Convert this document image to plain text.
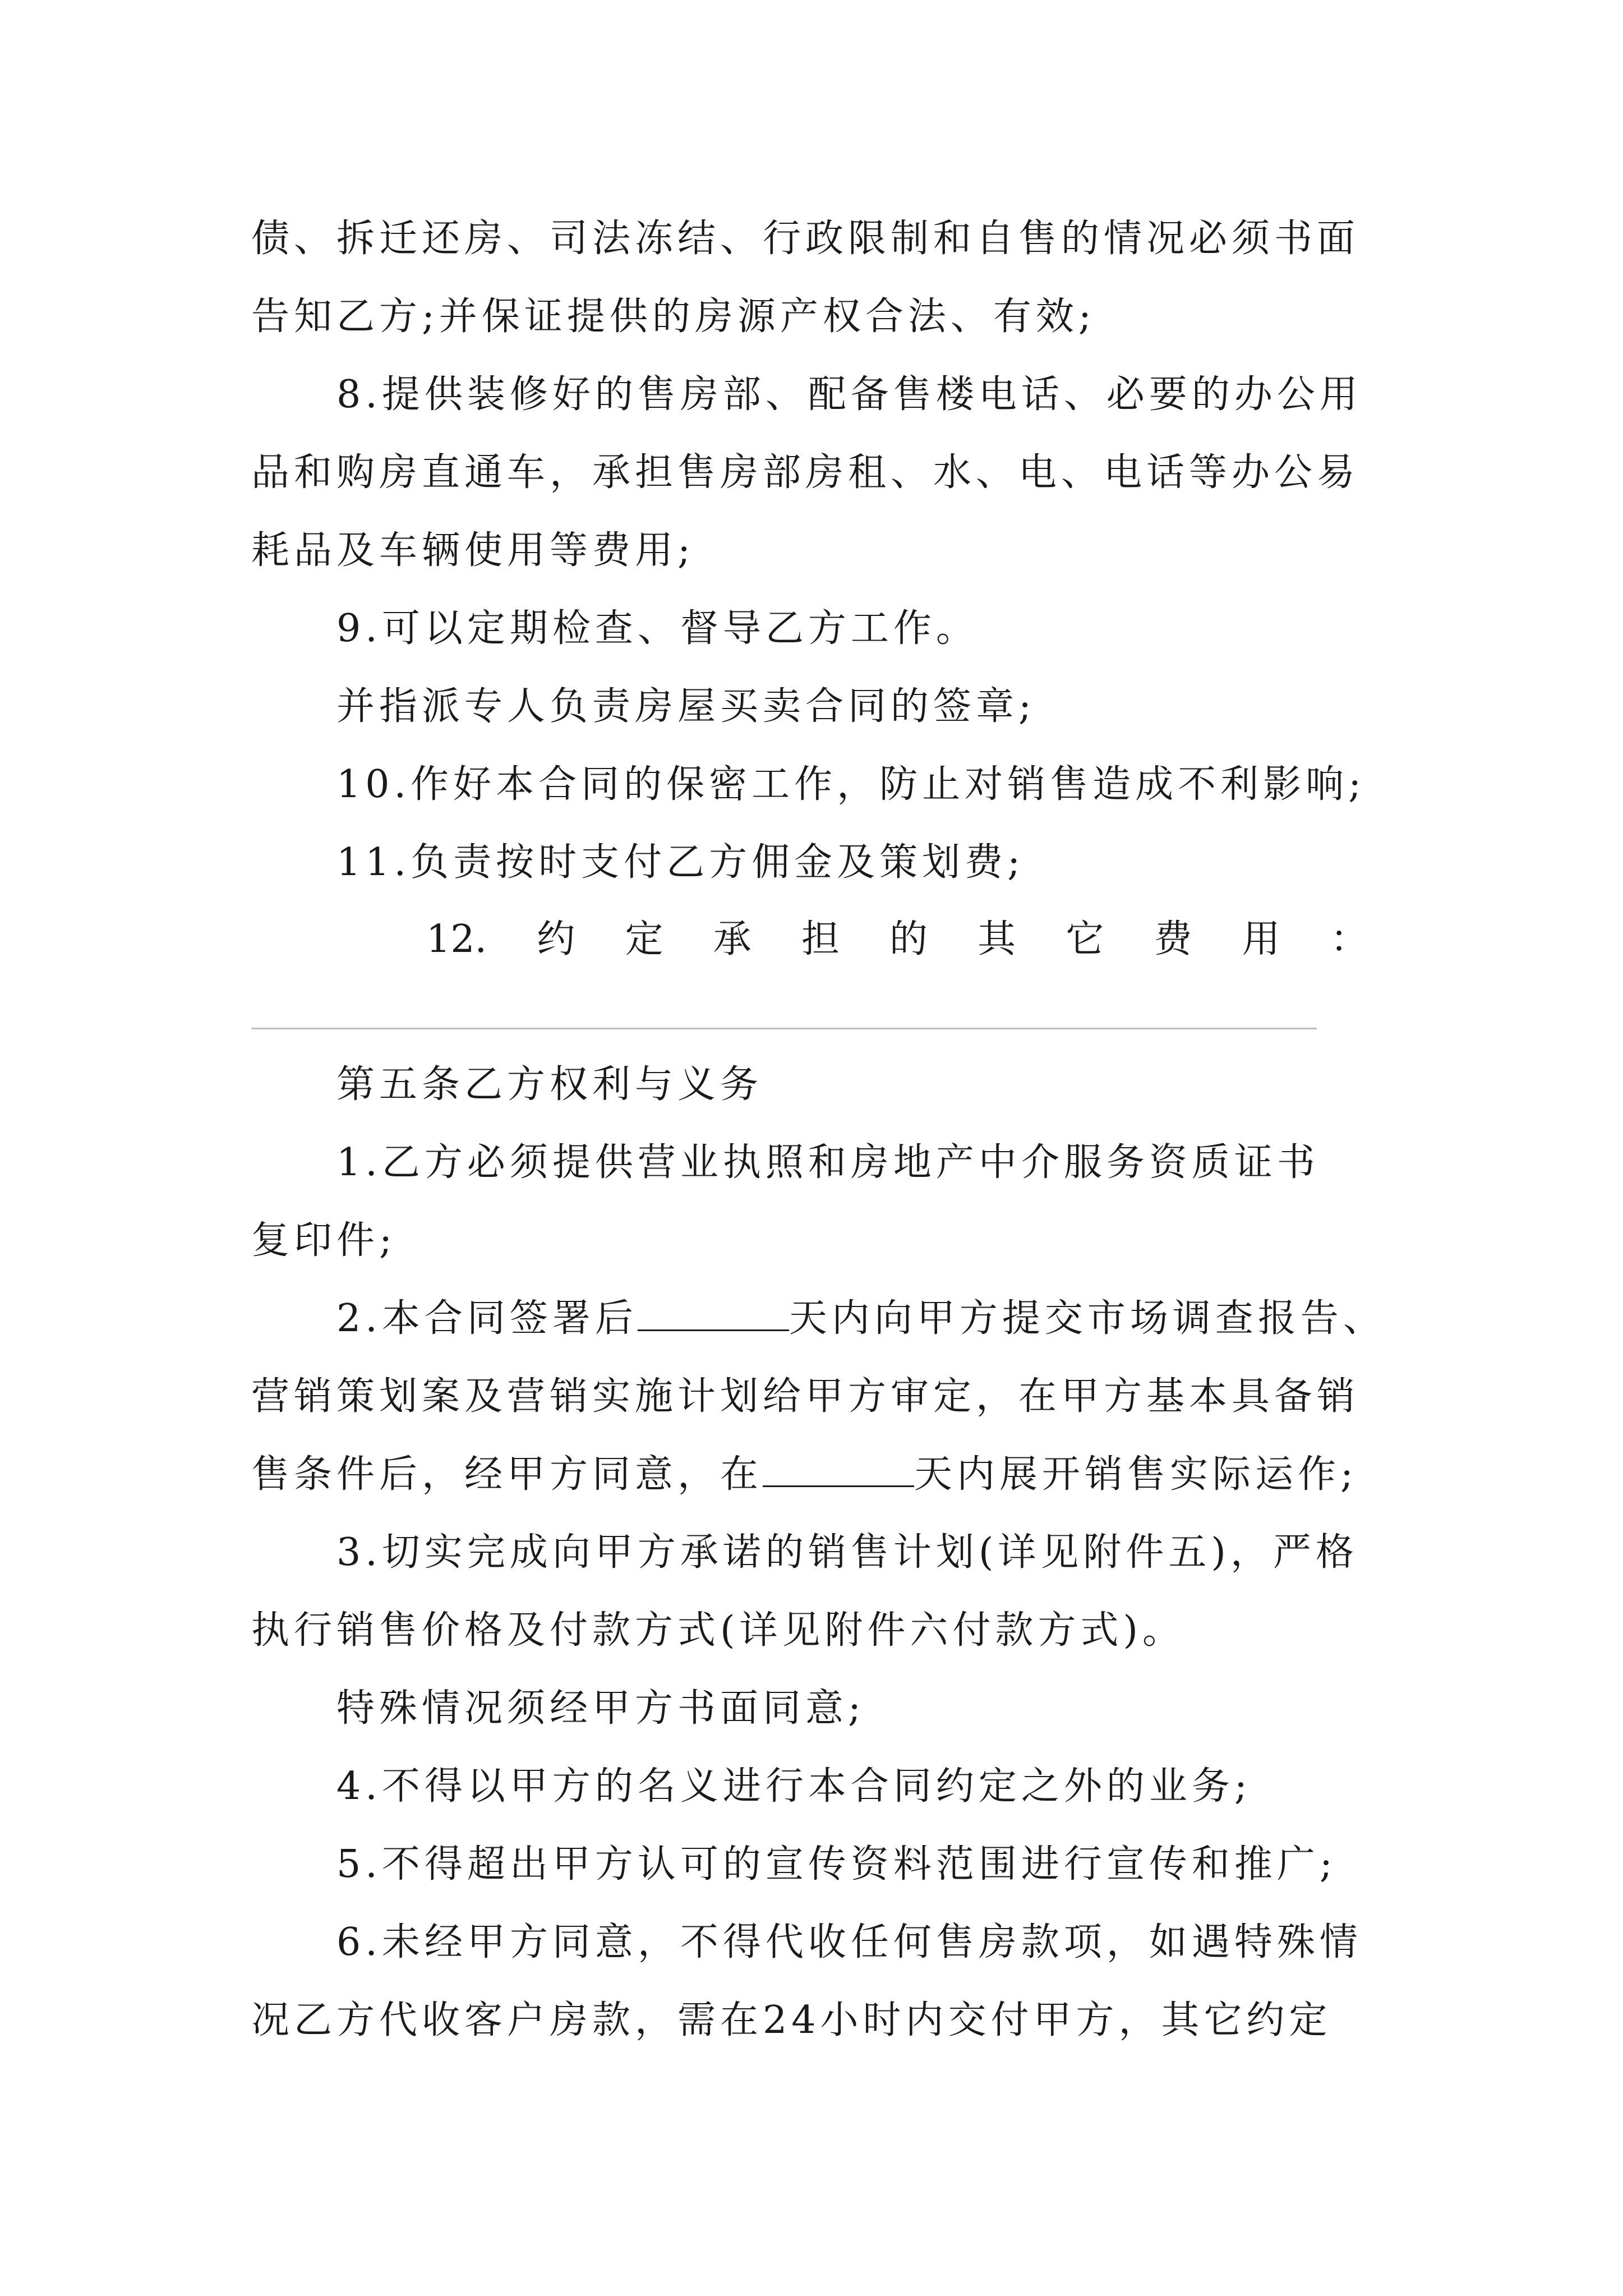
债、拆迁还房、司法冻结、行政限制和自售的情况必须书面
告知乙方;并保证提供的房源产权合法、有效;
8.提供装修好的售房部、配备售楼电话、必要的办公用
品和购房直通车，承担售房部房租、水、电、电话等办公易
耗品及车辆使用等费用;
9.可以定期检查、督导乙方工作。
并指派专人负责房屋买卖合同的签章;
10.作好本合同的保密工作，防止对销售造成不利影响;
11.负责按时支付乙方佣金及策划费;
12. 约 定 承 担 的 其 它 费 用 ：
第五条乙方权利与义务
1.乙方必须提供营业执照和房地产中介服务资质证书
复印件;
2.本合同签署后	天内向甲方提交市场调查报告、
营销策划案及营销实施计划给甲方审定，在甲方基本具备销
售条件后，经甲方同意，在	天内展开销售实际运作;
3.切实完成向甲方承诺的销售计划(详见附件五)，严格
执行销售价格及付款方式(详见附件六付款方式)。
特殊情况须经甲方书面同意;
4.不得以甲方的名义进行本合同约定之外的业务;
5.不得超出甲方认可的宣传资料范围进行宣传和推广;
6.未经甲方同意，不得代收任何售房款项，如遇特殊情
况乙方代收客户房款，需在24小时内交付甲方，其它约定
